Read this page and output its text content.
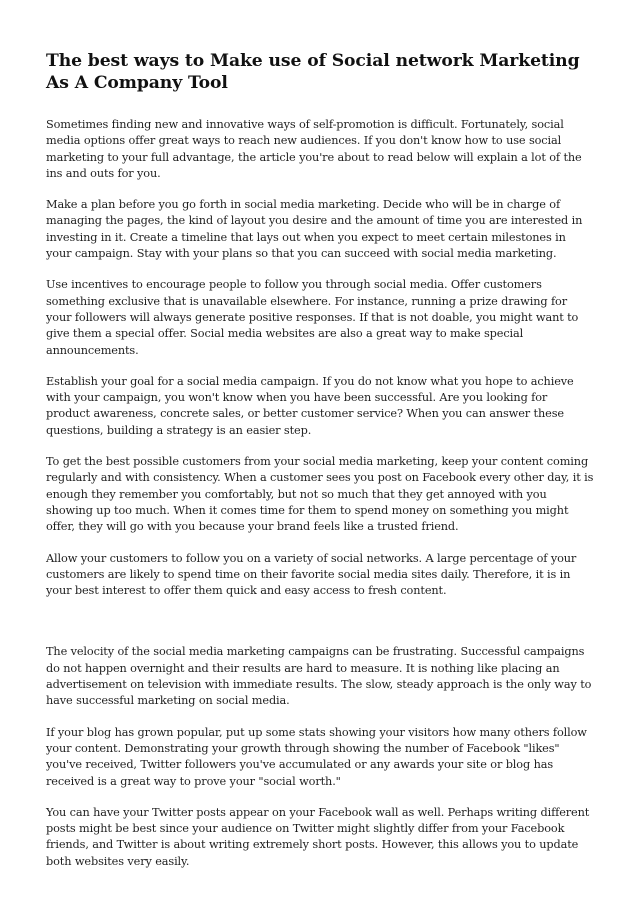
The best ways to Make use of Social network Marketing As A Company Tool

Sometimes finding new and innovative ways of self-promotion is difficult. Fortunately, social media options offer great ways to reach new audiences. If you don't know how to use social marketing to your full advantage, the article you're about to read below will explain a lot of the ins and outs for you.

Make a plan before you go forth in social media marketing. Decide who will be in charge of managing the pages, the kind of layout you desire and the amount of time you are interested in investing in it. Create a timeline that lays out when you expect to meet certain milestones in your campaign. Stay with your plans so that you can succeed with social media marketing.

Use incentives to encourage people to follow you through social media. Offer customers something exclusive that is unavailable elsewhere. For instance, running a prize drawing for your followers will always generate positive responses. If that is not doable, you might want to give them a special offer. Social media websites are also a great way to make special announcements.

Establish your goal for a social media campaign. If you do not know what you hope to achieve with your campaign, you won't know when you have been successful. Are you looking for product awareness, concrete sales, or better customer service? When you can answer these questions, building a strategy is an easier step.

To get the best possible customers from your social media marketing, keep your content coming regularly and with consistency. When a customer sees you post on Facebook every other day, it is enough they remember you comfortably, but not so much that they get annoyed with you showing up too much. When it comes time for them to spend money on something you might offer, they will go with you because your brand feels like a trusted friend.

Allow your customers to follow you on a variety of social networks. A large percentage of your customers are likely to spend time on their favorite social media sites daily. Therefore, it is in your best interest to offer them quick and easy access to fresh content.

The velocity of the social media marketing campaigns can be frustrating. Successful campaigns do not happen overnight and their results are hard to measure. It is nothing like placing an advertisement on television with immediate results. The slow, steady approach is the only way to have successful marketing on social media.

If your blog has grown popular, put up some stats showing your visitors how many others follow your content. Demonstrating your growth through showing the number of Facebook "likes" you've received, Twitter followers you've accumulated or any awards your site or blog has received is a great way to prove your "social worth."

You can have your Twitter posts appear on your Facebook wall as well. Perhaps writing different posts might be best since your audience on Twitter might slightly differ from your Facebook friends, and Twitter is about writing extremely short posts. However, this allows you to update both websites very easily.
